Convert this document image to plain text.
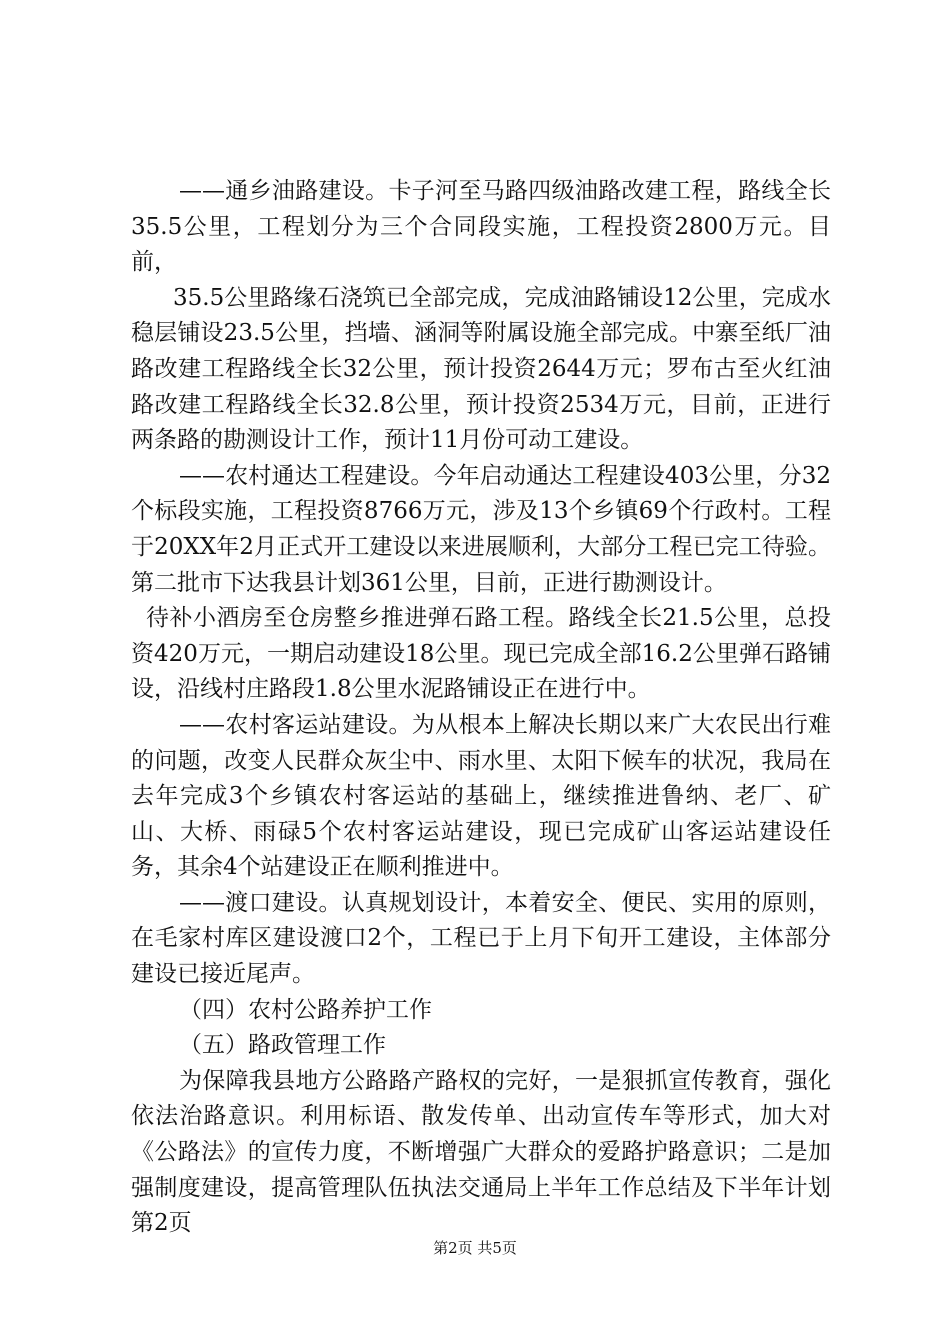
——通乡油路建设。卡子河至马路四级油路改建工程，路线全长35.5公里，工程划分为三个合同段实施，工程投资2800万元。目前，

35.5公里路缘石浇筑已全部完成，完成油路铺设12公里，完成水稳层铺设23.5公里，挡墙、涵洞等附属设施全部完成。中寨至纸厂油路改建工程路线全长32公里，预计投资2644万元；罗布古至火红油路改建工程路线全长32.8公里，预计投资2534万元，目前，正进行两条路的勘测设计工作，预计11月份可动工建设。

——农村通达工程建设。今年启动通达工程建设403公里，分32个标段实施，工程投资8766万元，涉及13个乡镇69个行政村。工程于20XX年2月正式开工建设以来进展顺利，大部分工程已完工待验。第二批市下达我县计划361公里，目前，正进行勘测设计。

待补小酒房至仓房整乡推进弹石路工程。路线全长21.5公里，总投资420万元，一期启动建设18公里。现已完成全部16.2公里弹石路铺设，沿线村庄路段1.8公里水泥路铺设正在进行中。

——农村客运站建设。为从根本上解决长期以来广大农民出行难的问题，改变人民群众灰尘中、雨水里、太阳下候车的状况，我局在去年完成3个乡镇农村客运站的基础上，继续推进鲁纳、老厂、矿山、大桥、雨碌5个农村客运站建设，现已完成矿山客运站建设任务，其余4个站建设正在顺利推进中。

——渡口建设。认真规划设计，本着安全、便民、实用的原则，在毛家村库区建设渡口2个，工程已于上月下旬开工建设，主体部分建设已接近尾声。

（四）农村公路养护工作

（五）路政管理工作

为保障我县地方公路路产路权的完好，一是狠抓宣传教育，强化依法治路意识。利用标语、散发传单、出动宣传车等形式，加大对《公路法》的宣传力度，不断增强广大群众的爱路护路意识；二是加强制度建设，提高管理队伍执法交通局上半年工作总结及下半年计划第2页

第2页 共5页
